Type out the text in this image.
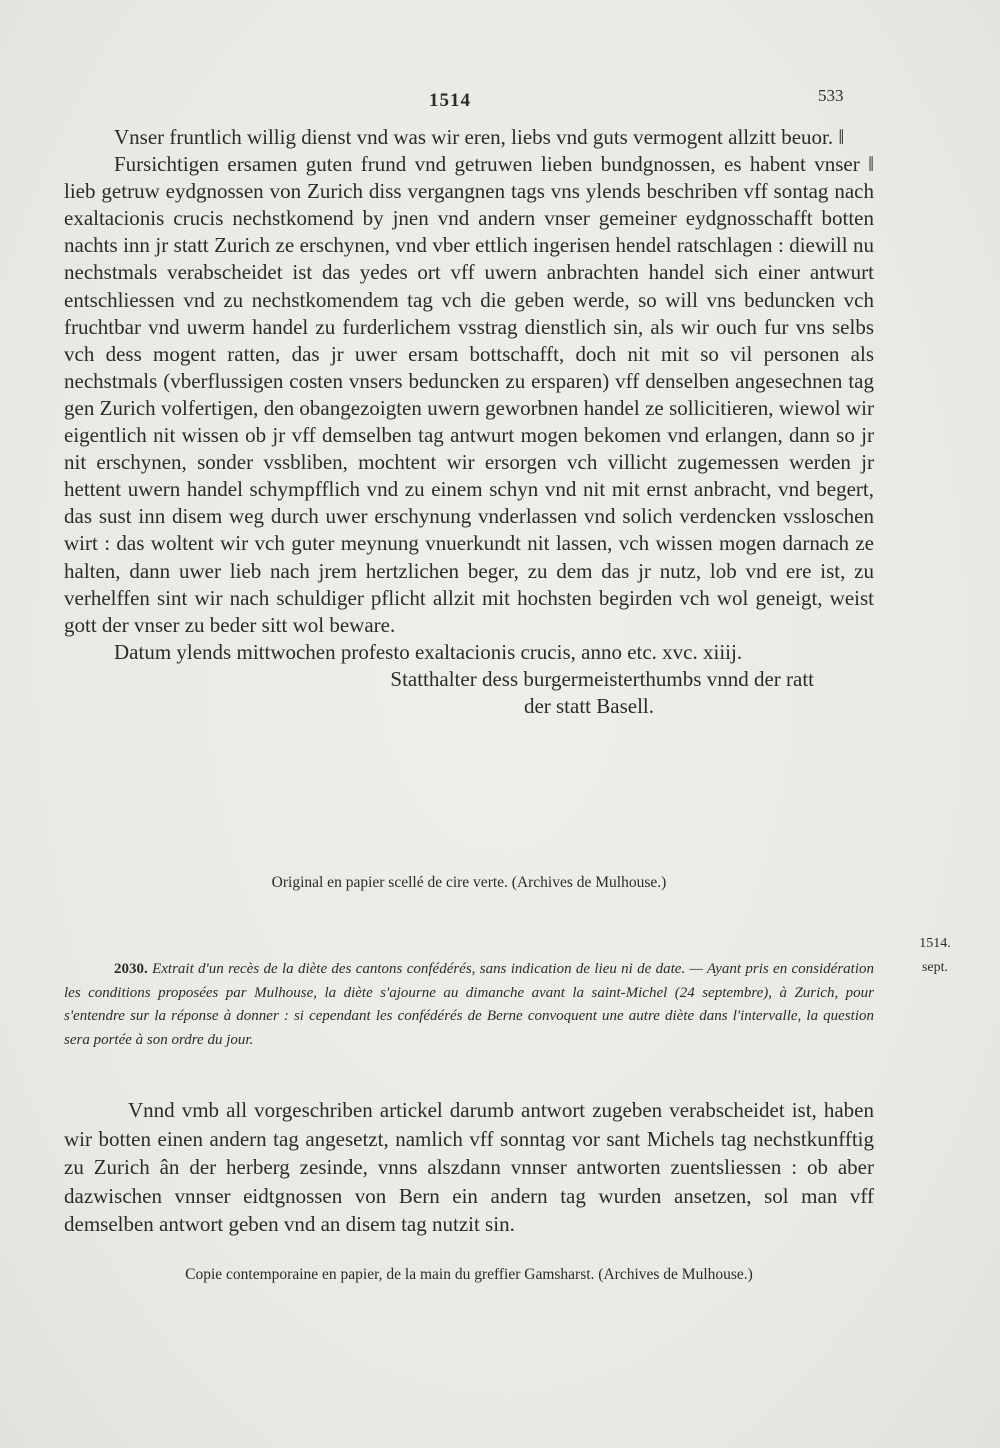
1514	533

Vnser fruntlich willig dienst vnd was wir eren, liebs vnd guts vermogent allzitt beuor. ‖

Fursichtigen ersamen guten frund vnd getruwen lieben bundgnossen, es habent vnser ‖ lieb getruw eydgnossen von Zurich diss vergangnen tags vns ylends beschriben vff sontag nach exaltacionis crucis nechstkomend by jnen vnd andern vnser gemeiner eydgnosschafft botten nachts inn jr statt Zurich ze erschynen, vnd vber ettlich ingerisen hendel ratschlagen : diewill nu nechstmals verabscheidet ist das yedes ort vff uwern anbrachten handel sich einer antwurt entschliessen vnd zu nechstkomendem tag vch die geben werde, so will vns beduncken vch fruchtbar vnd uwerm handel zu furderlichem vsstrag dienstlich sin, als wir ouch fur vns selbs vch dess mogent ratten, das jr uwer ersam bottschafft, doch nit mit so vil personen als nechstmals (vberflussigen costen vnsers beduncken zu ersparen) vff denselben angesechnen tag gen Zurich volfertigen, den obangezoigten uwern geworbnen handel ze sollicitieren, wiewol wir eigentlich nit wissen ob jr vff demselben tag antwurt mogen bekomen vnd erlangen, dann so jr nit erschynen, sonder vssbliben, mochtent wir ersorgen vch villicht zugemessen werden jr hettent uwern handel schympfflich vnd zu einem schyn vnd nit mit ernst anbracht, vnd begert, das sust inn disem weg durch uwer erschynung vnderlassen vnd solich verdencken vssloschen wirt : das woltent wir vch guter meynung vnuerkundt nit lassen, vch wissen mogen darnach ze halten, dann uwer lieb nach jrem hertzlichen beger, zu dem das jr nutz, lob vnd ere ist, zu verhelffen sint wir nach schuldiger pflicht allzit mit hochsten begirden vch wol geneigt, weist gott der vnser zu beder sitt wol beware.

Datum ylends mittwochen profesto exaltacionis crucis, anno etc. xvc. xiiij.

Statthalter dess burgermeisterthumbs vnnd der ratt

der statt Basell.

Original en papier scellé de cire verte. (Archives de Mulhouse.)
1514.
sept.

2030. Extrait d'un recès de la diète des cantons confédérés, sans indication de lieu ni de date. — Ayant pris en considération les conditions proposées par Mulhouse, la diète s'ajourne au dimanche avant la saint-Michel (24 septembre), à Zurich, pour s'entendre sur la réponse à donner : si cependant les confédérés de Berne convoquent une autre diète dans l'intervalle, la question sera portée à son ordre du jour.

Vnnd vmb all vorgeschriben artickel darumb antwort zugeben verabscheidet ist, haben wir botten einen andern tag angesetzt, namlich vff sonntag vor sant Michels tag nechstkunfftig zu Zurich ân der herberg zesinde, vnns alszdann vnnser antworten zuentsliessen : ob aber dazwischen vnnser eidtgnossen von Bern ein andern tag wurden ansetzen, sol man vff demselben antwort geben vnd an disem tag nutzit sin.

Copie contemporaine en papier, de la main du greffier Gamsharst. (Archives de Mulhouse.)
